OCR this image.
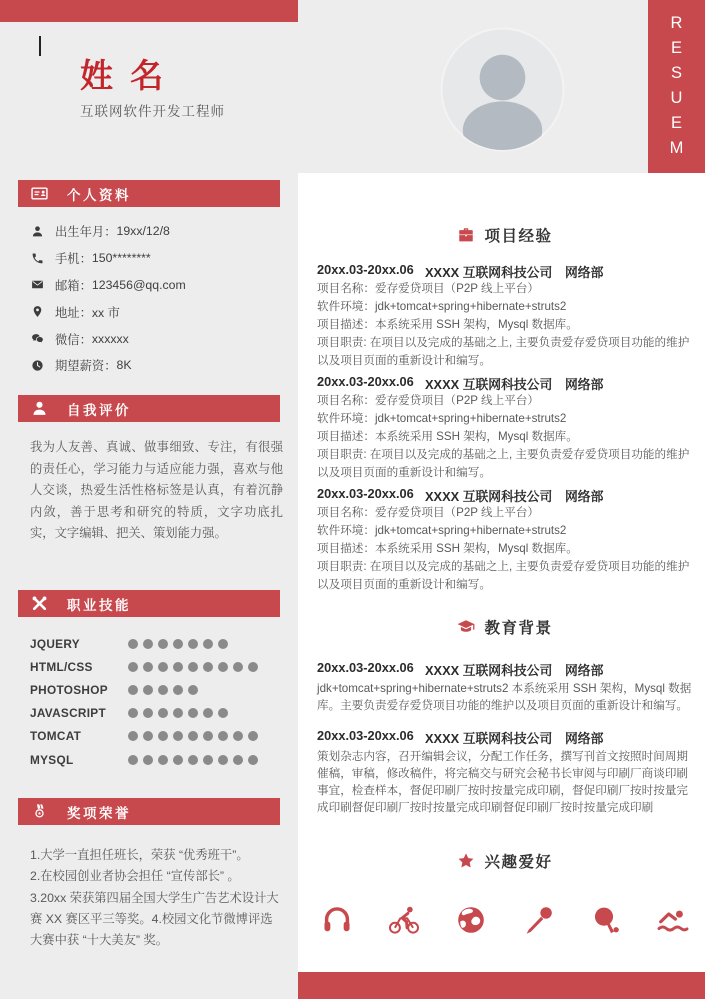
姓 名
互联网软件开发工程师
个人资料
出生年月： 19xx/12/8
手机： 150********
邮箱： 123456@qq.com
地址： xx 市
微信： xxxxxx
期望薪资： 8K
自我评价

我为人友善、真诚、做事细致、专注，有很强的责任心，学习能力与适应能力强，喜欢与他人交谈，热爱生活性格标签是认真，有着沉静内敛，善于思考和研究的特质，文字功底扎实，文字编辑、把关、策划能力强。

职业技能
JQUERY
HTML/CSS
PHOTOSHOP
JAVASCRIPT
TOMCAT
MYSQL
奖项荣誉
1.大学一直担任班长，荣获 “优秀班干”。
2.在校园创业者协会担任 “宣传部长” 。
3.20xx 荣获第四届全国大学生广告艺术设计大赛 XX 赛区平三等奖。4.校园文化节微博评选大赛中获 “十大美友” 奖。
R
E
S
U
E
M
项目经验
20xx.03-20xx.06 XXXX 互联网科技公司 网络部
项目名称：爱存爱贷项目（P2P 线上平台）
软件环境：jdk+tomcat+spring+hibernate+struts2
项目描述：本系统采用 SSH 架构，Mysql 数据库。
项目职责: 在项目以及完成的基础之上, 主要负责爱存爱贷项目功能的维护以及项目页面的重新设计和编写。
20xx.03-20xx.06 XXXX 互联网科技公司 网络部
项目名称：爱存爱贷项目（P2P 线上平台）
软件环境：jdk+tomcat+spring+hibernate+struts2
项目描述：本系统采用 SSH 架构，Mysql 数据库。
项目职责: 在项目以及完成的基础之上, 主要负责爱存爱贷项目功能的维护以及项目页面的重新设计和编写。
20xx.03-20xx.06 XXXX 互联网科技公司 网络部
项目名称：爱存爱贷项目（P2P 线上平台）
软件环境：jdk+tomcat+spring+hibernate+struts2
项目描述：本系统采用 SSH 架构，Mysql 数据库。
项目职责: 在项目以及完成的基础之上, 主要负责爱存爱贷项目功能的维护以及项目页面的重新设计和编写。
教育背景
20xx.03-20xx.06 XXXX 互联网科技公司 网络部

jdk+tomcat+spring+hibernate+struts2 本系统采用 SSH 架构，Mysql 数据库。主要负责爱存爱贷项目功能的维护以及项目页面的重新设计和编写。

20xx.03-20xx.06 XXXX 互联网科技公司 网络部

策划杂志内容，召开编辑会议，分配工作任务，撰写刊首文按照时间周期催稿，审稿，修改稿件，将完稿交与研究会秘书长审阅与印刷厂商谈印刷事宜，检查样本，督促印刷厂按时按量完成印刷，督促印刷厂按时按量完成印刷督促印刷厂按时按量完成印刷督促印刷厂按时按量完成印刷

兴趣爱好
